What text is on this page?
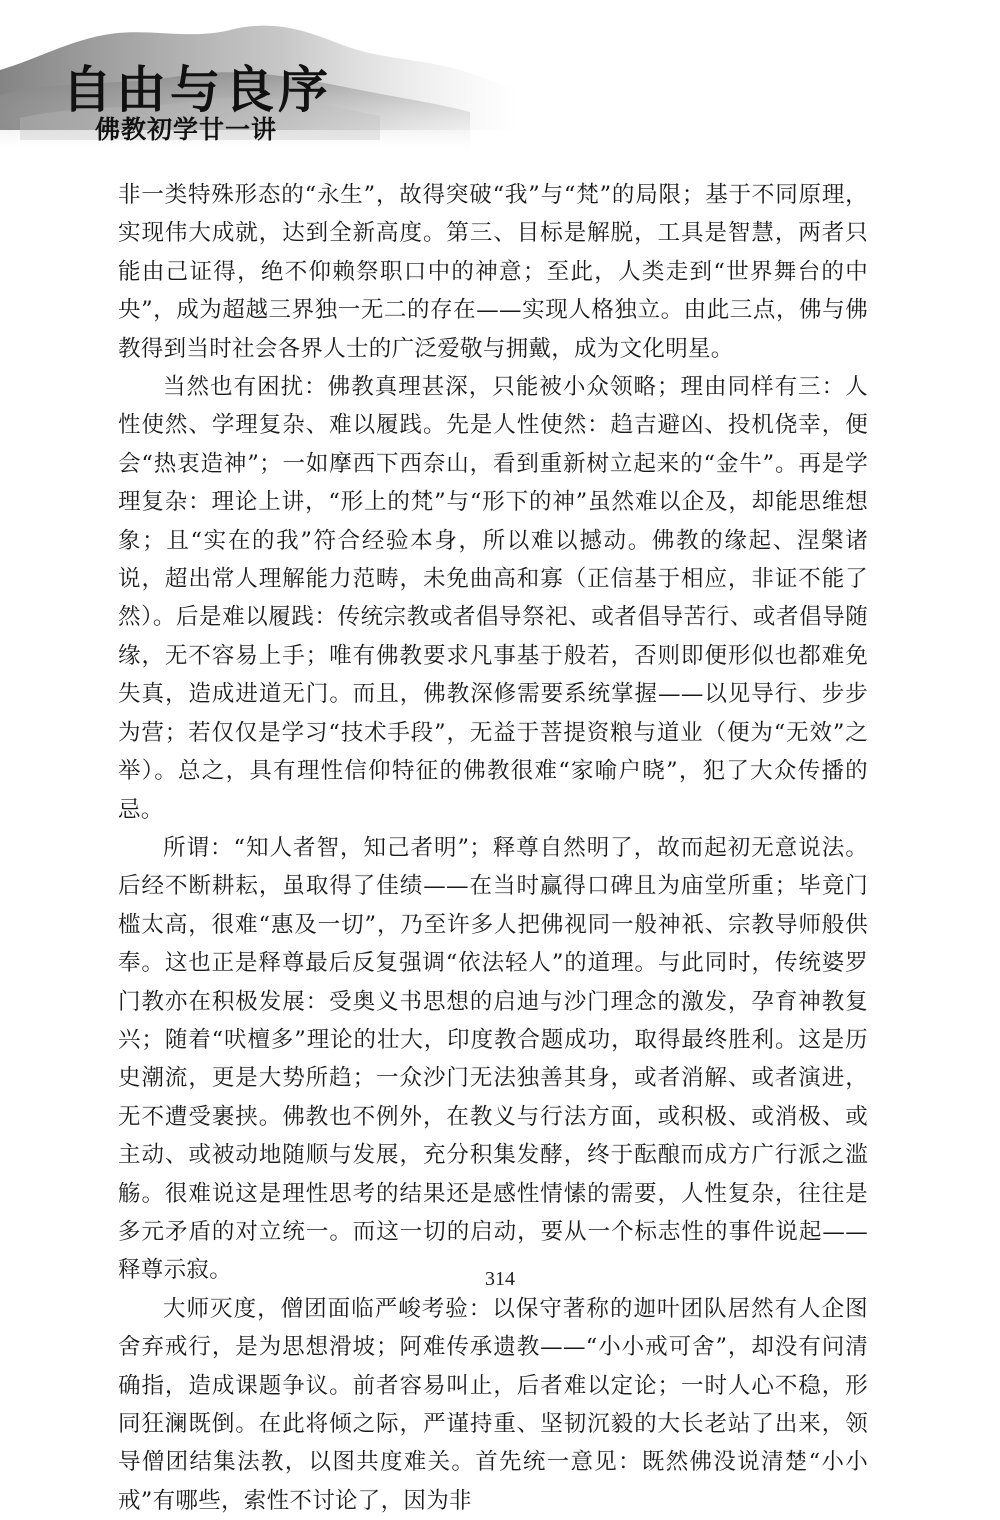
自由与良序
佛教初学廿一讲

非一类特殊形态的“永生”，故得突破“我”与“梵”的局限；基于不同原理，实现伟大成就，达到全新高度。第三、目标是解脱，工具是智慧，两者只能由己证得，绝不仰赖祭职口中的神意；至此，人类走到“世界舞台的中央”，成为超越三界独一无二的存在——实现人格独立。由此三点，佛与佛教得到当时社会各界人士的广泛爱敬与拥戴，成为文化明星。

当然也有困扰：佛教真理甚深，只能被小众领略；理由同样有三：人性使然、学理复杂、难以履践。先是人性使然：趋吉避凶、投机侥幸，便会“热衷造神”；一如摩西下西奈山，看到重新树立起来的“金牛”。再是学理复杂：理论上讲，“形上的梵”与“形下的神”虽然难以企及，却能思维想象；且“实在的我”符合经验本身，所以难以撼动。佛教的缘起、涅槃诸说，超出常人理解能力范畴，未免曲高和寡（正信基于相应，非证不能了然）。后是难以履践：传统宗教或者倡导祭祀、或者倡导苦行、或者倡导随缘，无不容易上手；唯有佛教要求凡事基于般若，否则即便形似也都难免失真，造成进道无门。而且，佛教深修需要系统掌握——以见导行、步步为营；若仅仅是学习“技术手段”，无益于菩提资粮与道业（便为“无效”之举）。总之，具有理性信仰特征的佛教很难“家喻户晓”，犯了大众传播的忌。

所谓：“知人者智，知己者明”；释尊自然明了，故而起初无意说法。后经不断耕耘，虽取得了佳绩——在当时赢得口碑且为庙堂所重；毕竟门槛太高，很难“惠及一切”，乃至许多人把佛视同一般神祇、宗教导师般供奉。这也正是释尊最后反复强调“依法轻人”的道理。与此同时，传统婆罗门教亦在积极发展：受奥义书思想的启迪与沙门理念的激发，孕育神教复兴；随着“吠檀多”理论的壮大，印度教合题成功，取得最终胜利。这是历史潮流，更是大势所趋；一众沙门无法独善其身，或者消解、或者演进，无不遭受裹挟。佛教也不例外，在教义与行法方面，或积极、或消极、或主动、或被动地随顺与发展，充分积集发酵，终于酝酿而成方广行派之滥觞。很难说这是理性思考的结果还是感性情愫的需要，人性复杂，往往是多元矛盾的对立统一。而这一切的启动，要从一个标志性的事件说起——释尊示寂。

大师灭度，僧团面临严峻考验：以保守著称的迦叶团队居然有人企图舍弃戒行，是为思想滑坡；阿难传承遗教——“小小戒可舍”，却没有问清确指，造成课题争议。前者容易叫止，后者难以定论；一时人心不稳，形同狂澜既倒。在此将倾之际，严谨持重、坚韧沉毅的大长老站了出来，领导僧团结集法教，以图共度难关。首先统一意见：既然佛没说清楚“小小戒”有哪些，索性不讨论了，因为非

314
